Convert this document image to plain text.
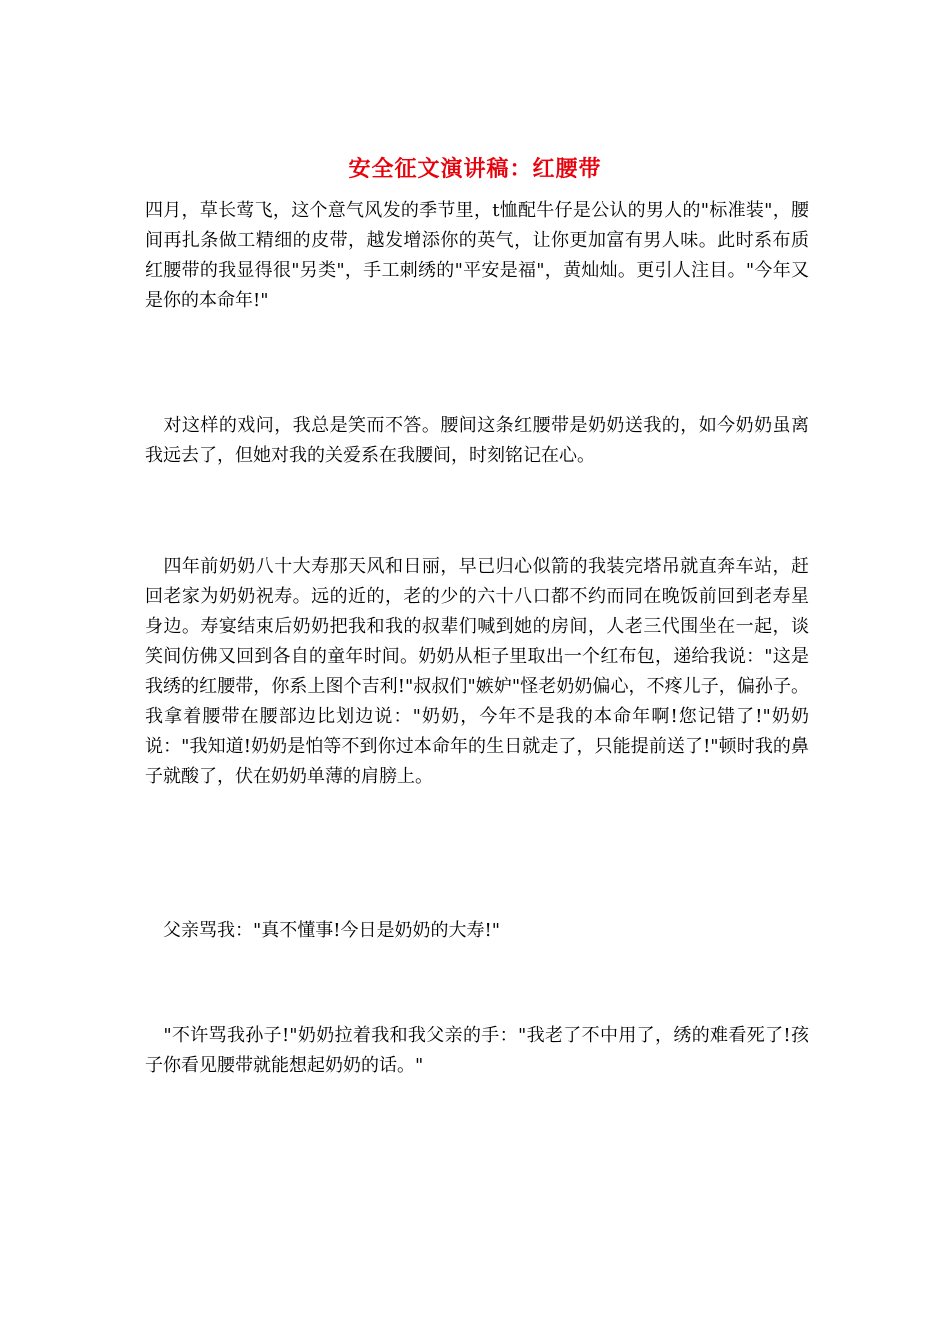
安全征文演讲稿：红腰带

四月，草长莺飞，这个意气风发的季节里，t恤配牛仔是公认的男人的"标准装"，腰间再扎条做工精细的皮带，越发增添你的英气，让你更加富有男人味。此时系布质红腰带的我显得很"另类"，手工刺绣的"平安是福"，黄灿灿。更引人注目。"今年又是你的本命年!"

　对这样的戏问，我总是笑而不答。腰间这条红腰带是奶奶送我的，如今奶奶虽离我远去了，但她对我的关爱系在我腰间，时刻铭记在心。

　四年前奶奶八十大寿那天风和日丽，早已归心似箭的我装完塔吊就直奔车站，赶回老家为奶奶祝寿。远的近的，老的少的六十八口都不约而同在晚饭前回到老寿星身边。寿宴结束后奶奶把我和我的叔辈们喊到她的房间，人老三代围坐在一起，谈笑间仿佛又回到各自的童年时间。奶奶从柜子里取出一个红布包，递给我说："这是我绣的红腰带，你系上图个吉利!"叔叔们"嫉妒"怪老奶奶偏心，不疼儿子，偏孙子。我拿着腰带在腰部边比划边说："奶奶，今年不是我的本命年啊!您记错了!"奶奶说："我知道!奶奶是怕等不到你过本命年的生日就走了，只能提前送了!"顿时我的鼻子就酸了，伏在奶奶单薄的肩膀上。

　父亲骂我："真不懂事!今日是奶奶的大寿!"

　"不许骂我孙子!"奶奶拉着我和我父亲的手："我老了不中用了，绣的难看死了!孩子你看见腰带就能想起奶奶的话。"
